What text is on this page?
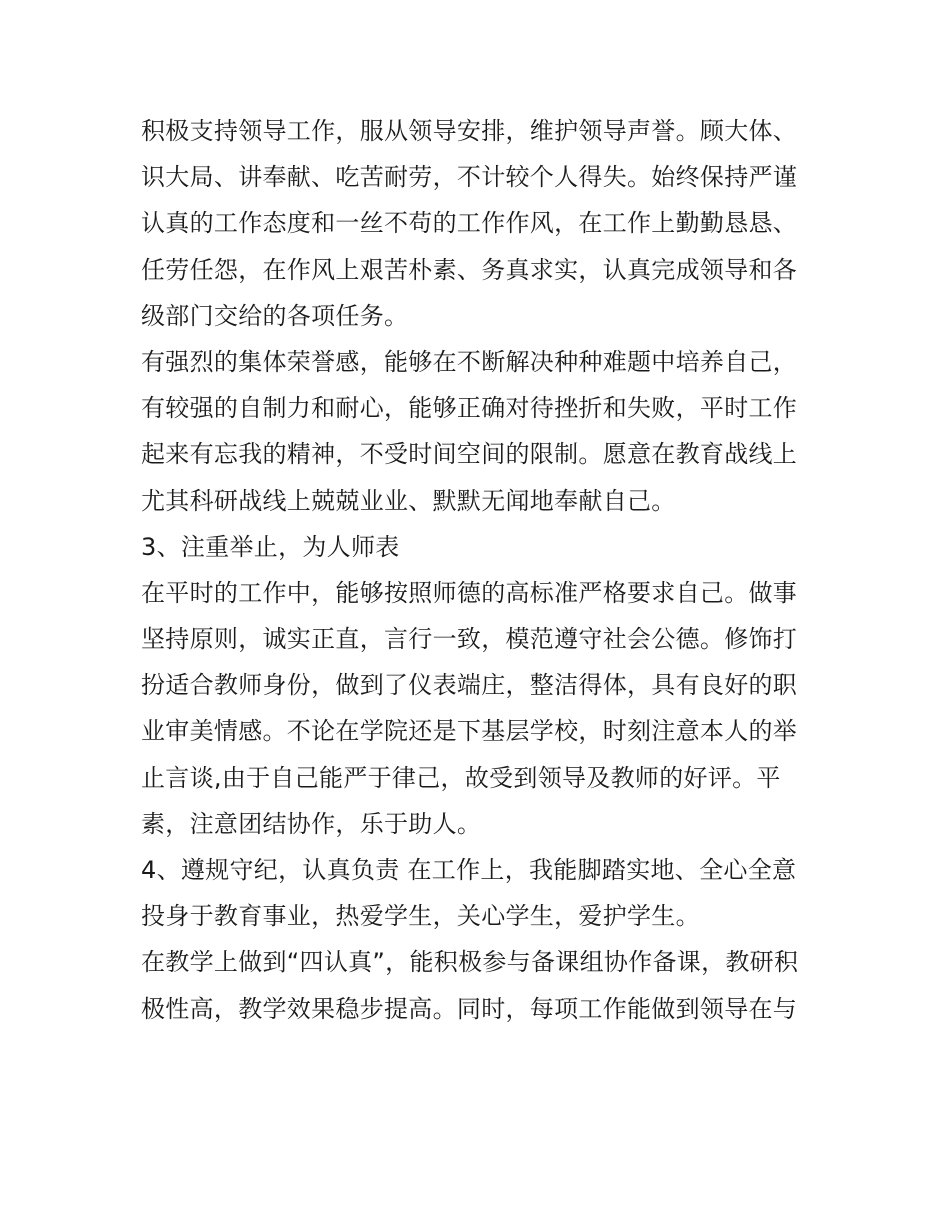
积极支持领导工作，服从领导安排，维护领导声誉。顾大体、
识大局、讲奉献、吃苦耐劳，不计较个人得失。始终保持严谨
认真的工作态度和一丝不苟的工作作风，在工作上勤勤恳恳、
任劳任怨，在作风上艰苦朴素、务真求实，认真完成领导和各
级部门交给的各项任务。
有强烈的集体荣誉感，能够在不断解决种种难题中培养自己，
有较强的自制力和耐心，能够正确对待挫折和失败，平时工作
起来有忘我的精神，不受时间空间的限制。愿意在教育战线上
尤其科研战线上兢兢业业、默默无闻地奉献自己。
3、注重举止，为人师表
在平时的工作中，能够按照师德的高标准严格要求自己。做事
坚持原则，诚实正直，言行一致，模范遵守社会公德。修饰打
扮适合教师身份，做到了仪表端庄，整洁得体，具有良好的职
业审美情感。不论在学院还是下基层学校，时刻注意本人的举
止言谈,由于自己能严于律己，故受到领导及教师的好评。平
素，注意团结协作，乐于助人。
4、遵规守纪，认真负责 在工作上，我能脚踏实地、全心全意
投身于教育事业，热爱学生，关心学生，爱护学生。
在教学上做到“四认真”，能积极参与备课组协作备课，教研积
极性高，教学效果稳步提高。同时，每项工作能做到领导在与
